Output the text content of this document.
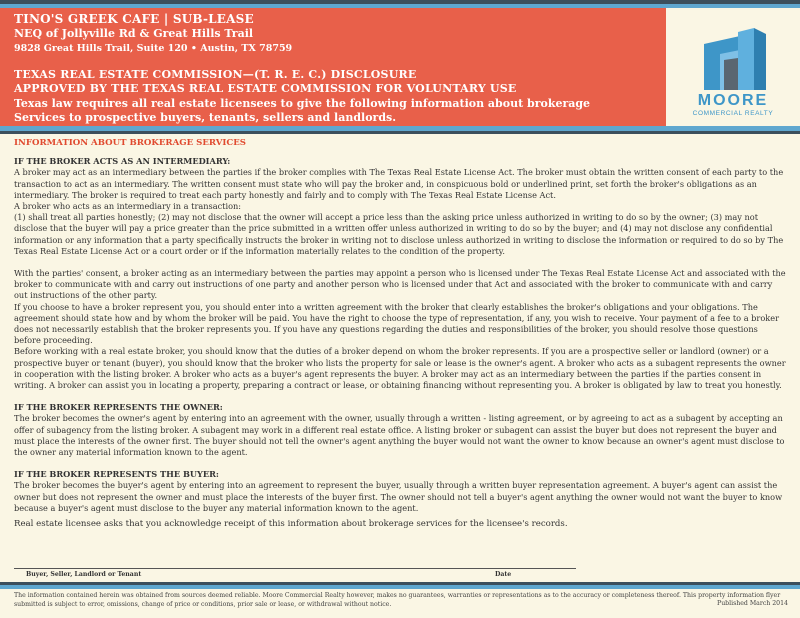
TINO'S GREEK CAFE | SUB-LEASE
NEQ of Jollyville Rd & Great Hills Trail
9828 Great Hills Trail, Suite 120 • Austin, TX 78759
TEXAS REAL ESTATE COMMISSION—(T. R. E. C.) DISCLOSURE
APPROVED BY THE TEXAS REAL ESTATE COMMISSION FOR VOLUNTARY USE
Texas law requires all real estate licensees to give the following information about brokerage
Services to prospective buyers, tenants, sellers and landlords.
MOORE
COMMERCIAL REALTY
INFORMATION ABOUT BROKERAGE SERVICES
IF THE BROKER ACTS AS AN INTERMEDIARY:

A broker may act as an intermediary between the parties if the broker complies with The Texas Real Estate License Act. The broker must obtain the written consent of each party to the transaction to act as an intermediary. The written consent must state who will pay the broker and, in conspicuous bold or underlined print, set forth the broker's obligations as an intermediary. The broker is required to treat each party honestly and fairly and to comply with The Texas Real Estate License Act.

A broker who acts as an intermediary in a transaction:

(1) shall treat all parties honestly; (2) may not disclose that the owner will accept a price less than the asking price unless authorized in writing to do so by the owner; (3) may not disclose that the buyer will pay a price greater than the price submitted in a written offer unless authorized in writing to do so by the buyer; and (4) may not disclose any confidential information or any information that a party specifically instructs the broker in writing not to disclose unless authorized in writing to disclose the information or required to do so by The Texas Real Estate License Act or a court order or if the information materially relates to the condition of the property.

With the parties' consent, a broker acting as an intermediary between the parties may appoint a person who is licensed under The Texas Real Estate License Act and associated with the broker to communicate with and carry out instructions of one party and another person who is licensed under that Act and associated with the broker to communicate with and carry out instructions of the other party.

If you choose to have a broker represent you, you should enter into a written agreement with the broker that clearly establishes the broker's obligations and your obligations. The agreement should state how and by whom the broker will be paid. You have the right to choose the type of representation, if any, you wish to receive. Your payment of a fee to a broker does not necessarily establish that the broker represents you. If you have any questions regarding the duties and responsibilities of the broker, you should resolve those questions before proceeding.

Before working with a real estate broker, you should know that the duties of a broker depend on whom the broker represents. If you are a prospective seller or landlord (owner) or a prospective buyer or tenant (buyer), you should know that the broker who lists the property for sale or lease is the owner's agent. A broker who acts as a subagent represents the owner in cooperation with the listing broker. A broker who acts as a buyer's agent represents the buyer. A broker may act as an intermediary between the parties if the parties consent in writing. A broker can assist you in locating a property, preparing a contract or lease, or obtaining financing without representing you. A broker is obligated by law to treat you honestly.

IF THE BROKER REPRESENTS THE OWNER:

The broker becomes the owner's agent by entering into an agreement with the owner, usually through a written - listing agreement, or by agreeing to act as a subagent by accepting an offer of subagency from the listing broker. A subagent may work in a different real estate office. A listing broker or subagent can assist the buyer but does not represent the buyer and must place the interests of the owner first. The buyer should not tell the owner's agent anything the buyer would not want the owner to know because an owner's agent must disclose to the owner any material information known to the agent.

IF THE BROKER REPRESENTS THE BUYER:

The broker becomes the buyer's agent by entering into an agreement to represent the buyer, usually through a written buyer representation agreement. A buyer's agent can assist the owner but does not represent the owner and must place the interests of the buyer first. The owner should not tell a buyer's agent anything the owner would not want the buyer to know because a buyer's agent must disclose to the buyer any material information known to the agent.

Real estate licensee asks that you acknowledge receipt of this information about brokerage services for the licensee's records.

Buyer, Seller, Landlord or Tenant	Date
The information contained herein was obtained from sources deemed reliable. Moore Commercial Realty however, makes no guarantees, warranties or representations as to the accuracy or completeness thereof. This property information flyer submitted is subject to error, omissions, change of price or conditions, prior sale or lease, or withdrawal without notice.	Published March 2014
